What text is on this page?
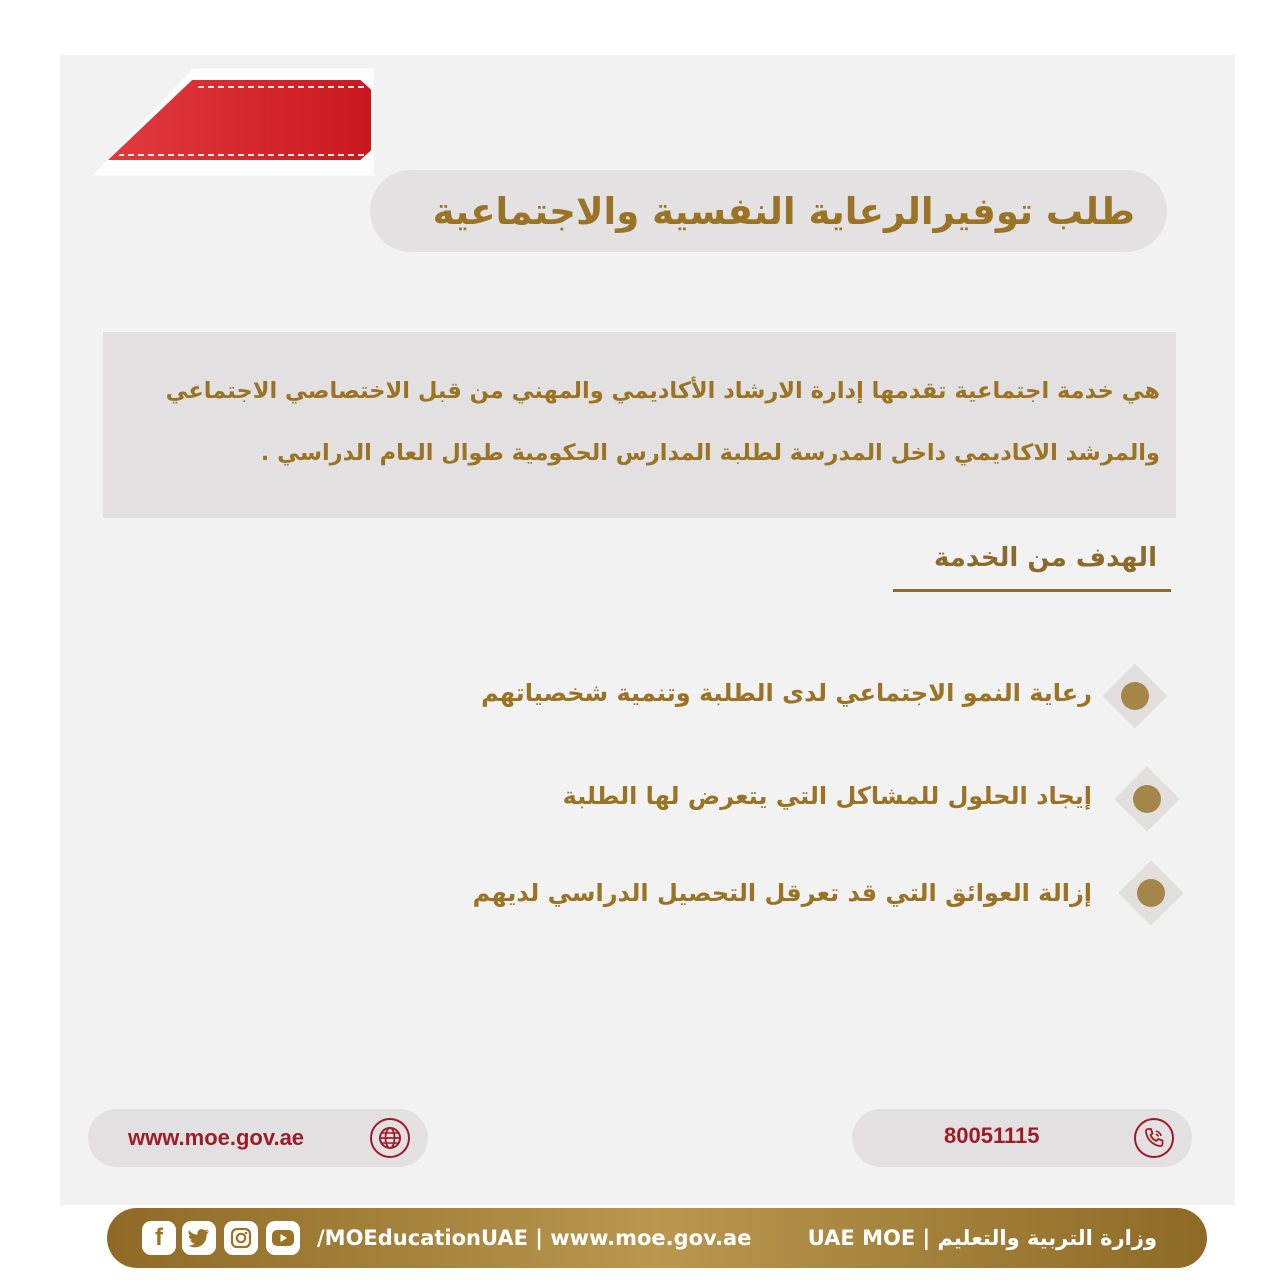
طلب توفيرالرعاية النفسية والاجتماعية
هي خدمة اجتماعية تقدمها إدارة الارشاد الأكاديمي والمهني من قبل الاختصاصي الاجتماعي
والمرشد الاكاديمي داخل المدرسة لطلبة المدارس الحكومية طوال العام الدراسي .
الهدف من الخدمة
رعاية النمو الاجتماعي لدى الطلبة وتنمية شخصياتهم
إيجاد الحلول للمشاكل التي يتعرض لها الطلبة
إزالة العوائق التي قد تعرقل التحصيل الدراسي لديهم
www.moe.gov.ae	80051115
f	/MOEducationUAE | www.moe.gov.ae	وزارة التربية والتعليم | UAE MOE
